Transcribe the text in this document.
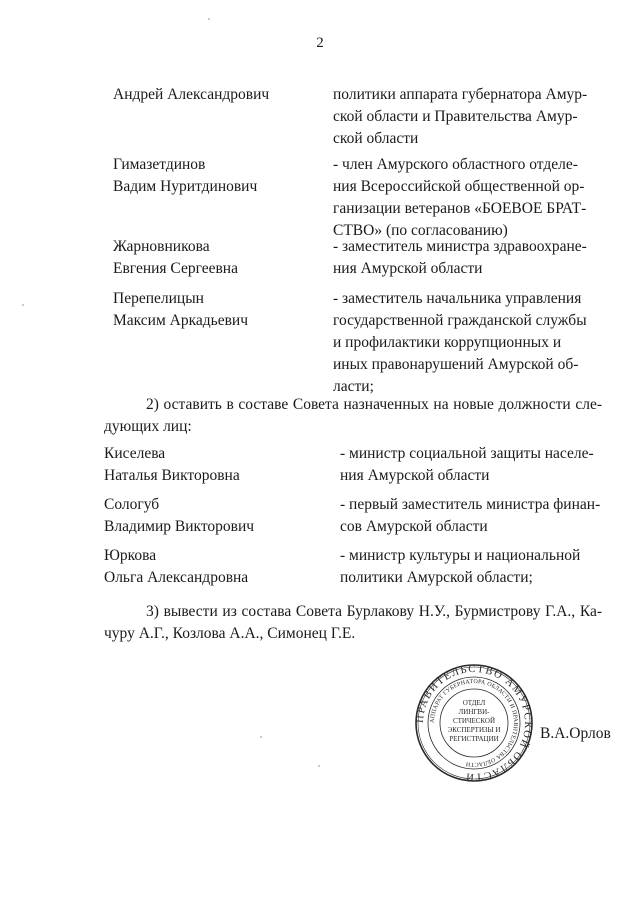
2
Андрей Александрович	политики аппарата губернатора Амур-
ской области и Правительства Амур-
ской области
Гимазетдинов
Вадим Нуритдинович
- член Амурского областного отделе-
ния Всероссийской общественной ор-
ганизации ветеранов «БОЕВОЕ БРАТ-
СТВО» (по согласованию)
Жарновникова
Евгения Сергеевна
- заместитель министра здравоохране-
ния Амурской области
Перепелицын
Максим Аркадьевич
- заместитель начальника управления
государственной гражданской службы
и профилактики коррупционных и
иных правонарушений Амурской об-
ласти;
2) оставить в составе Совета назначенных на новые должности сле-дующих лиц:
Киселева
Наталья Викторовна
- министр социальной защиты населе-
ния Амурской области
Сологуб
Владимир Викторович
- первый заместитель министра финан-
сов Амурской области
Юркова
Ольга Александровна
- министр культуры и национальной
политики Амурской области;
3) вывести из состава Совета Бурлакову Н.У., Бурмистрову Г.А., Ка-чуру А.Г., Козлова А.А., Симонец Г.Е.
ПРАВИТЕЛЬСТВО АМУРСКОЙ ОБЛАСТИ
АППАРАТ ГУБЕРНАТОРА ОБЛАСТИ И ПРАВИТЕЛЬСТВА ОБЛАСТИ
ОТДЕЛ
ЛИНГВИ-
СТИЧЕСКОЙ
ЭКСПЕРТИЗЫ И
РЕГИСТРАЦИИ	В.А.Орлов
